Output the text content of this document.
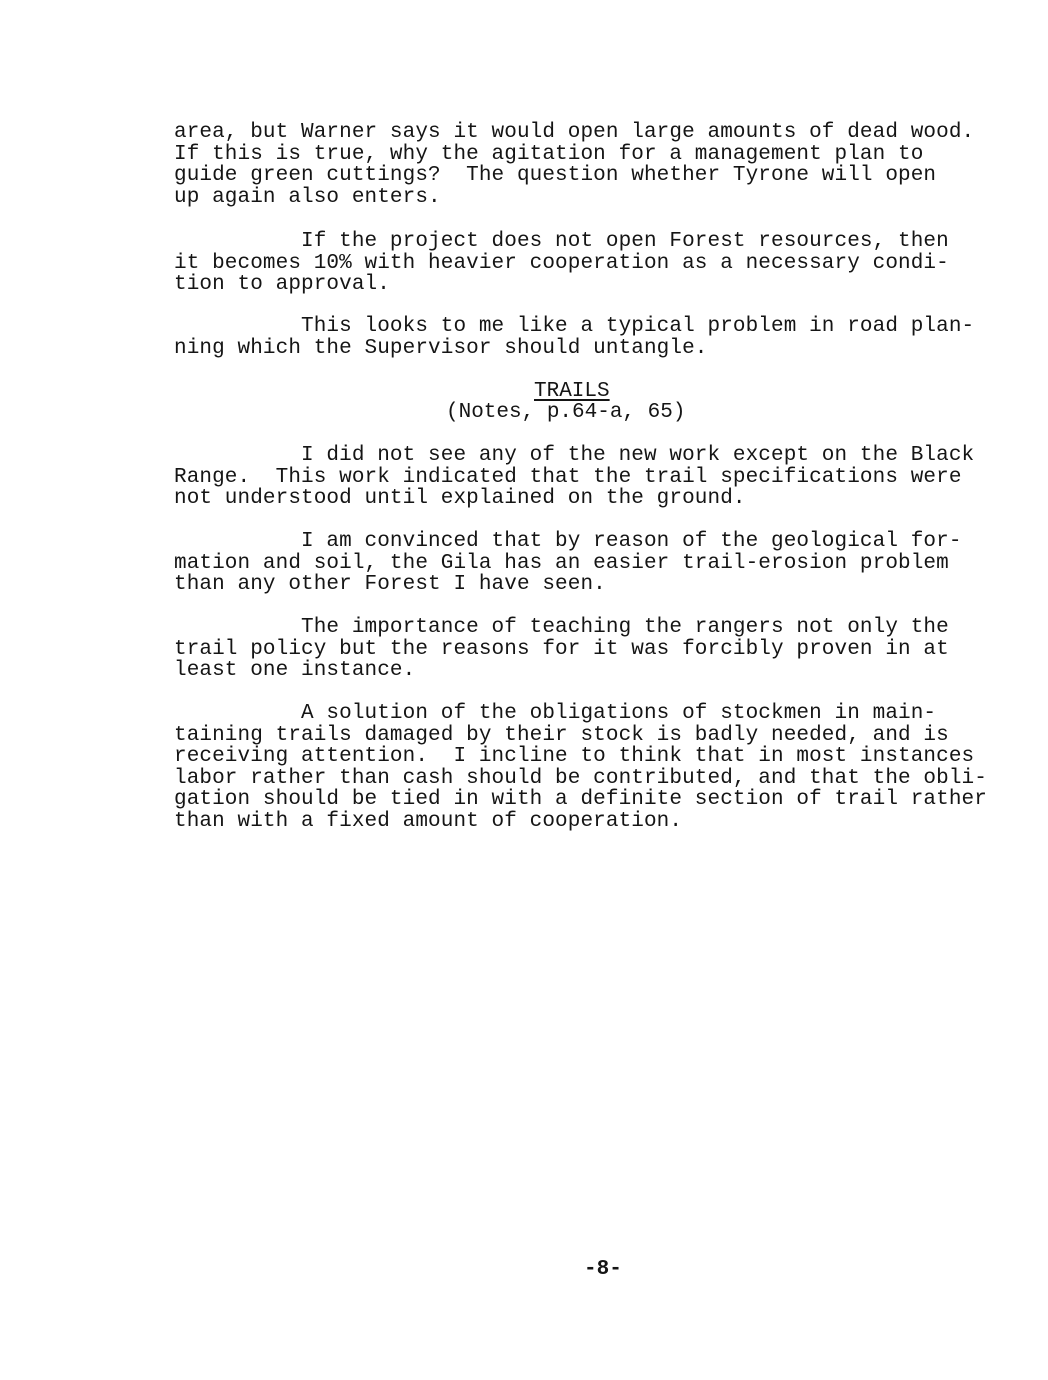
area, but Warner says it would open large amounts of dead wood.
If this is true, why the agitation for a management plan to
guide green cuttings?  The question whether Tyrone will open
up again also enters.

If the project does not open Forest resources, then
it becomes 10% with heavier cooperation as a necessary condi-
tion to approval.

This looks to me like a typical problem in road plan-
ning which the Supervisor should untangle.

TRAILS

(Notes, p.64-a, 65)

I did not see any of the new work except on the Black
Range.  This work indicated that the trail specifications were
not understood until explained on the ground.

I am convinced that by reason of the geological for-
mation and soil, the Gila has an easier trail-erosion problem
than any other Forest I have seen.

The importance of teaching the rangers not only the
trail policy but the reasons for it was forcibly proven in at
least one instance.

A solution of the obligations of stockmen in main-
taining trails damaged by their stock is badly needed, and is
receiving attention.  I incline to think that in most instances
labor rather than cash should be contributed, and that the obli-
gation should be tied in with a definite section of trail rather
than with a fixed amount of cooperation.

-8-
